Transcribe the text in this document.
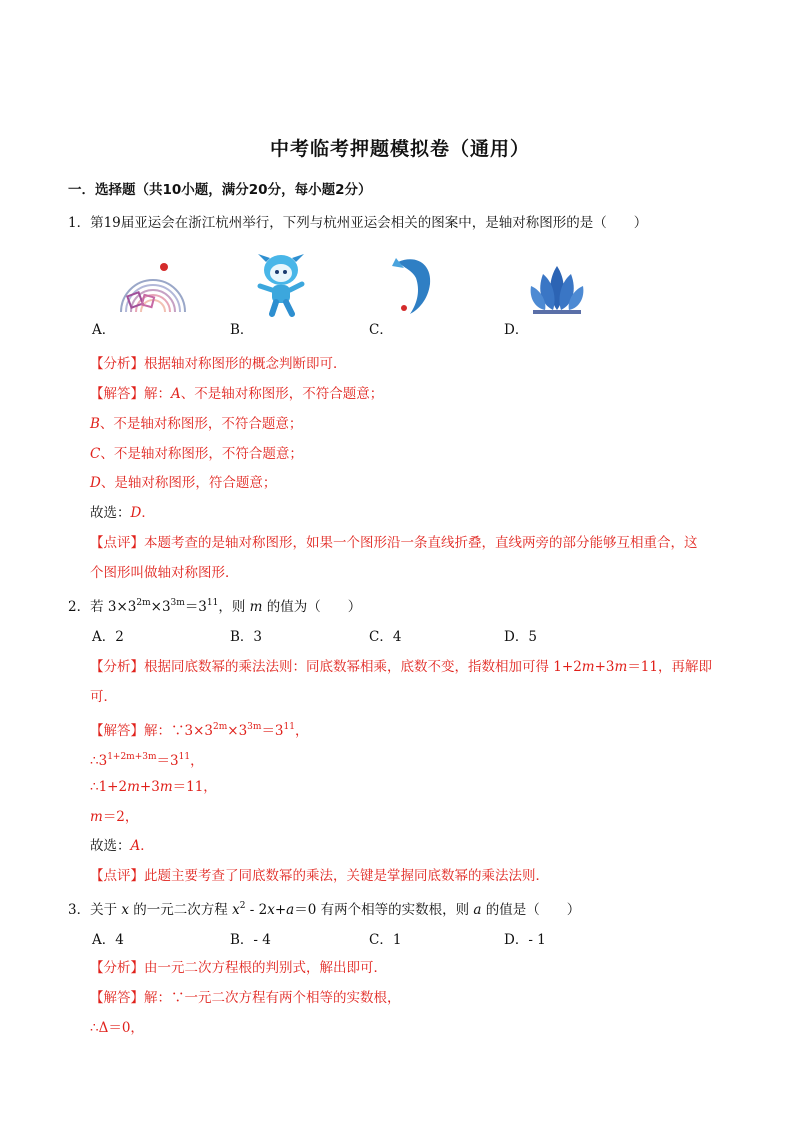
中考临考押题模拟卷（通用）
一．选择题（共10小题，满分20分，每小题2分）
1．第19届亚运会在浙江杭州举行，下列与杭州亚运会相关的图案中，是轴对称图形的是（　　）
A．	B．	C．	D．
【分析】根据轴对称图形的概念判断即可．
【解答】解：A、不是轴对称图形，不符合题意；
B、不是轴对称图形，不符合题意；
C、不是轴对称图形，不符合题意；
D、是轴对称图形，符合题意；
故选：D．
【点评】本题考查的是轴对称图形，如果一个图形沿一条直线折叠，直线两旁的部分能够互相重合，这
个图形叫做轴对称图形．
2．若 $3\times 3^{2m}\times 3^{3m}=3^{11}$，则 m 的值为（　　）
A．2	B．3	C．4	D．5
【分析】根据同底数幂的乘法法则：同底数幂相乘，底数不变，指数相加可得 1+2m+3m＝11，再解即
可．
【解答】解：$\because 3\times 3^{2m}\times 3^{3m}=3^{11}$，
$\therefore 3^{1+2m+3m}=3^{11}$，
∴1+2m+3m＝11，
m＝2，
故选：A．
【点评】此题主要考查了同底数幂的乘法，关键是掌握同底数幂的乘法法则．
3．关于 x 的一元二次方程 $x^2 - 2x+a=0$ 有两个相等的实数根，则 a 的值是（　　）
A．4	B．- 4	C．1	D．- 1
【分析】由一元二次方程根的判别式，解出即可．
【解答】解：∵一元二次方程有两个相等的实数根，
∴Δ＝0，
